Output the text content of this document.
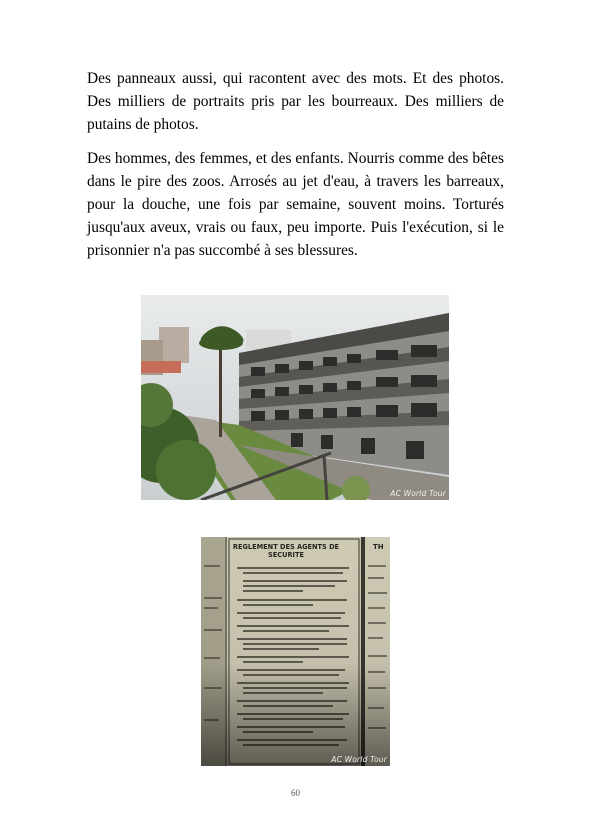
Des panneaux aussi, qui racontent avec des mots. Et des photos. Des milliers de portraits pris par les bourreaux. Des milliers de putains de photos.

Des hommes, des femmes, et des enfants. Nourris comme des bêtes dans le pire des zoos. Arrosés au jet d'eau, à travers les barreaux, pour la douche, une fois par semaine, souvent moins. Torturés jusqu'aux aveux, vrais ou faux, peu importe. Puis l'exécution, si le prisonnier n'a pas succombé à ses blessures.

AC World Tour
REGLEMENT DES AGENTS DE SECURITE
TH
AC World Tour
60
